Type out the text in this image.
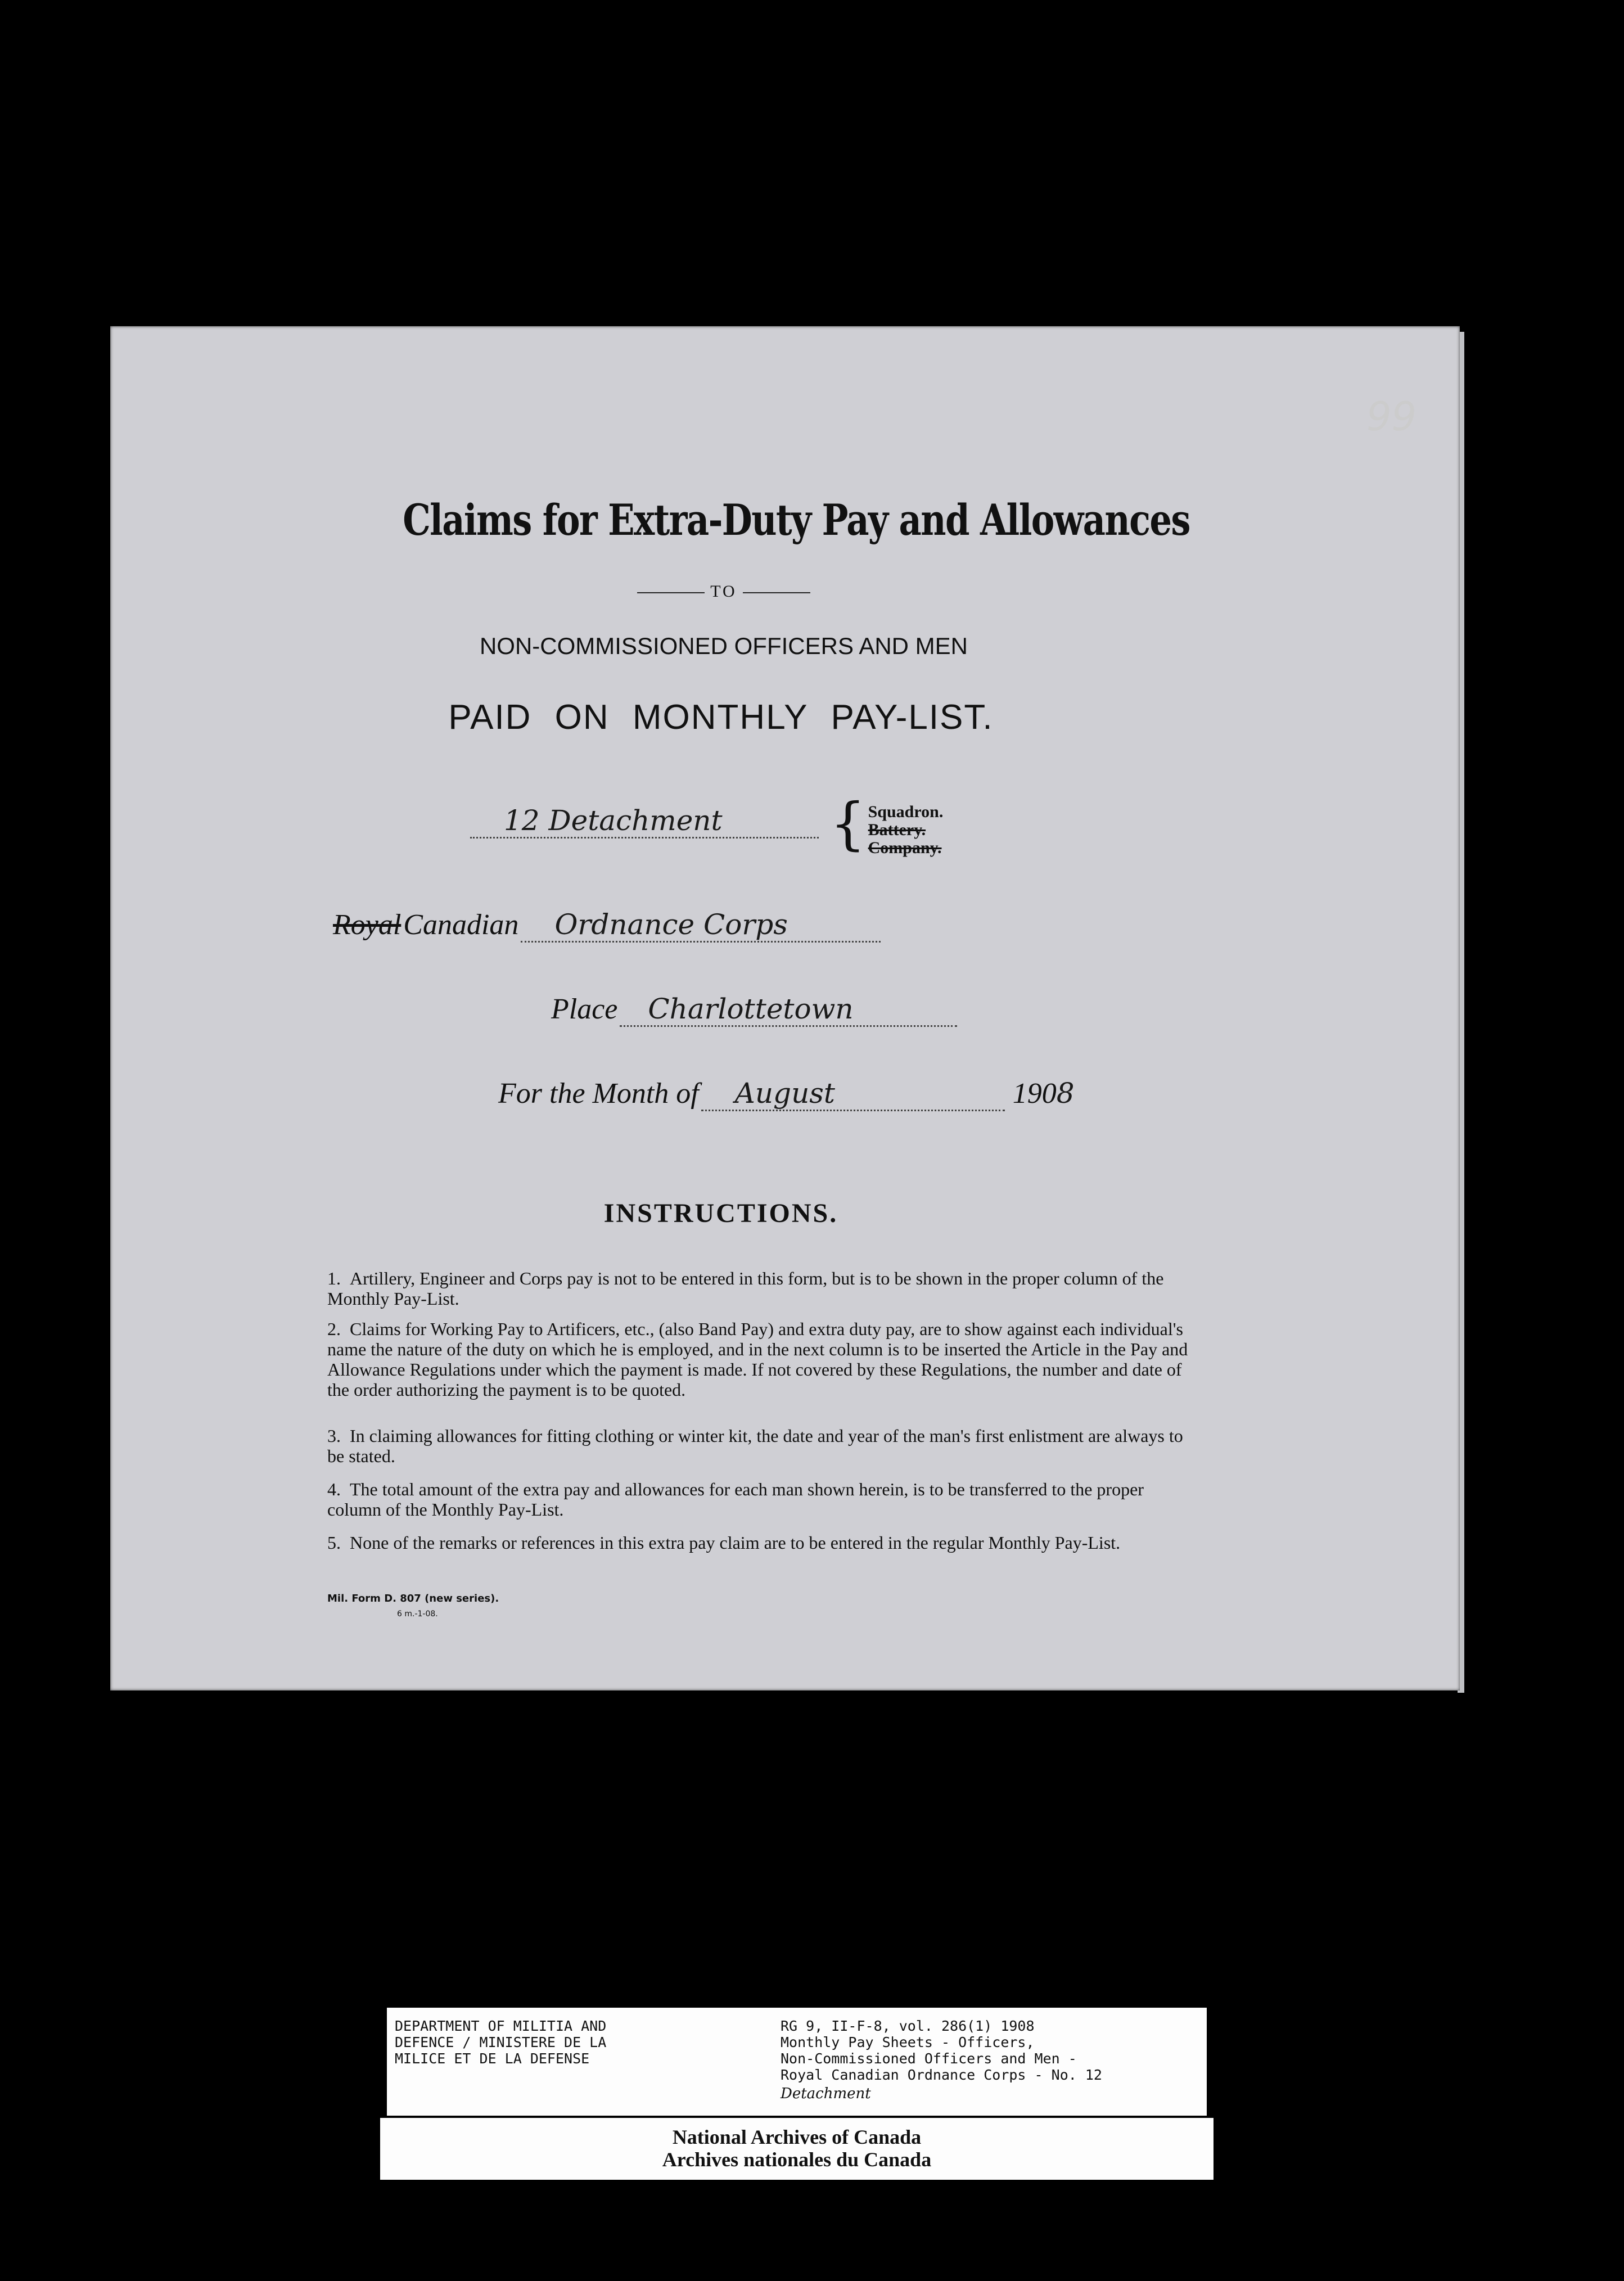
Claims for Extra-Duty Pay and Allowances
TO
NON-COMMISSIONED OFFICERS AND MEN
PAID ON MONTHLY PAY-LIST.
12 Detachment	{ Squadron.
Battery.
Company.
Royal Canadian Ordnance Corps
Place Charlottetown
For the Month of August	1908
INSTRUCTIONS.
1. Artillery, Engineer and Corps pay is not to be entered in this form, but is to be shown in the proper column of the Monthly Pay-List.
2. Claims for Working Pay to Artificers, etc., (also Band Pay) and extra duty pay, are to show against each individual's name the nature of the duty on which he is employed, and in the next column is to be inserted the Article in the Pay and Allowance Regulations under which the payment is made. If not covered by these Regulations, the number and date of the order authorizing the payment is to be quoted.
3. In claiming allowances for fitting clothing or winter kit, the date and year of the man's first enlistment are always to be stated.
4. The total amount of the extra pay and allowances for each man shown herein, is to be transferred to the proper column of the Monthly Pay-List.
5. None of the remarks or references in this extra pay claim are to be entered in the regular Monthly Pay-List.
Mil. Form D. 807 (new series).
6 m.-1-08.
99
DEPARTMENT OF MILITIA AND
DEFENCE / MINISTERE DE LA
MILICE ET DE LA DEFENSE
RG 9, II-F-8, vol. 286(1) 1908
Monthly Pay Sheets - Officers,
Non-Commissioned Officers and Men -
Royal Canadian Ordnance Corps - No. 12
Detachment
National Archives of Canada
Archives nationales du Canada
